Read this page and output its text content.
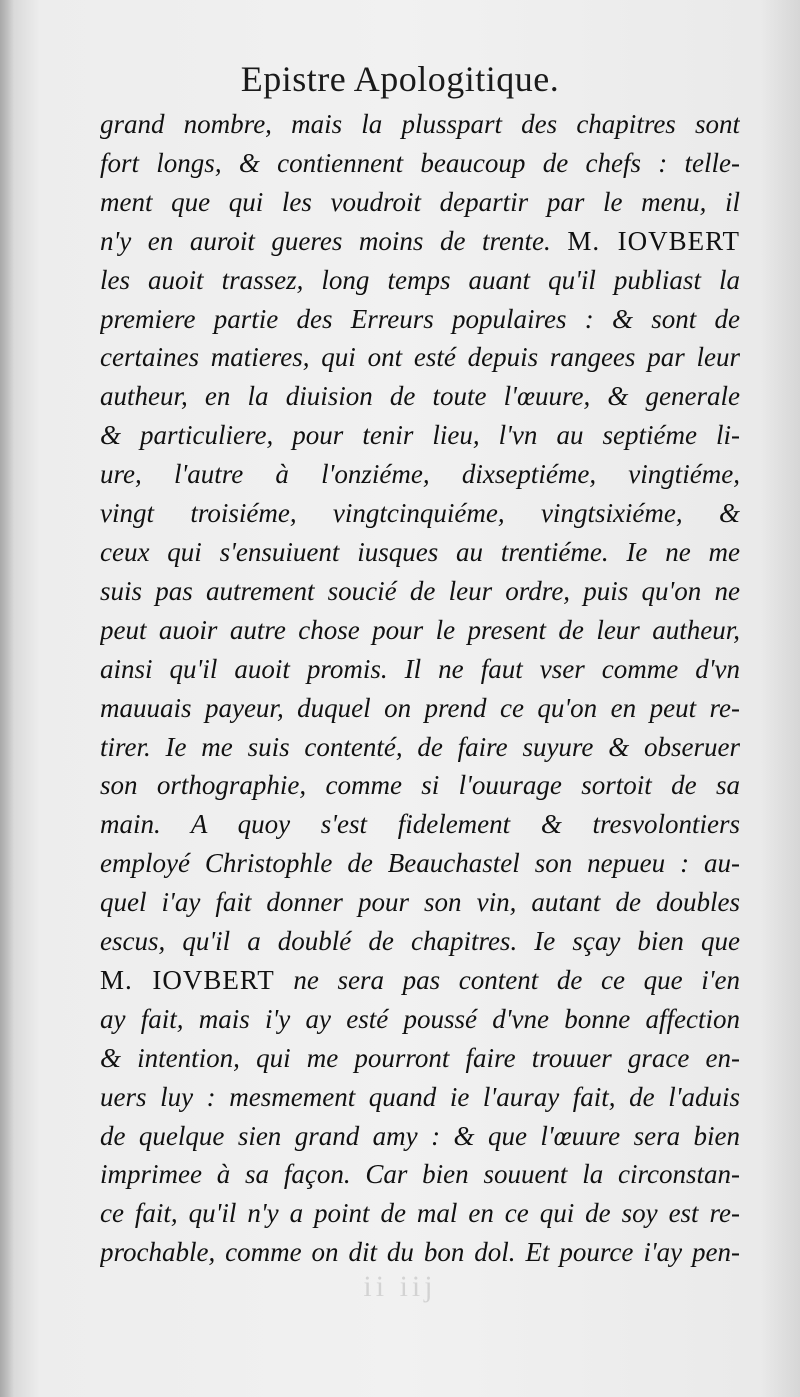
Epistre Apologitique.
grand nombre, mais la plusspart des chapitres sont
fort longs, & contiennent beaucoup de chefs : telle-
ment que qui les voudroit departir par le menu, il
n'y en auroit gueres moins de trente. M. IOVBERT
les auoit trassez, long temps auant qu'il publiast la
premiere partie des Erreurs populaires : & sont de
certaines matieres, qui ont esté depuis rangees par leur
autheur, en la diuision de toute l'œuure, & generale
& particuliere, pour tenir lieu, l'vn au septiéme li-
ure, l'autre à l'onziéme, dixseptiéme, vingtiéme,
vingt troisiéme, vingtcinquiéme, vingtsixiéme, &
ceux qui s'ensuiuent iusques au trentiéme. Ie ne me
suis pas autrement soucié de leur ordre, puis qu'on ne
peut auoir autre chose pour le present de leur autheur,
ainsi qu'il auoit promis. Il ne faut vser comme d'vn
mauuais payeur, duquel on prend ce qu'on en peut re-
tirer. Ie me suis contenté, de faire suyure & obseruer
son orthographie, comme si l'ouurage sortoit de sa
main. A quoy s'est fidelement & tresvolontiers
employé Christophle de Beauchastel son nepueu : au-
quel i'ay fait donner pour son vin, autant de doubles
escus, qu'il a doublé de chapitres. Ie sçay bien que
M. IOVBERT ne sera pas content de ce que i'en
ay fait, mais i'y ay esté poussé d'vne bonne affection
& intention, qui me pourront faire trouuer grace en-
uers luy : mesmement quand ie l'auray fait, de l'aduis
de quelque sien grand amy : & que l'œuure sera bien
imprimee à sa façon. Car bien souuent la circonstan-
ce fait, qu'il n'y a point de mal en ce qui de soy est re-
prochable, comme on dit du bon dol. Et pource i'ay pen-
ii iij
